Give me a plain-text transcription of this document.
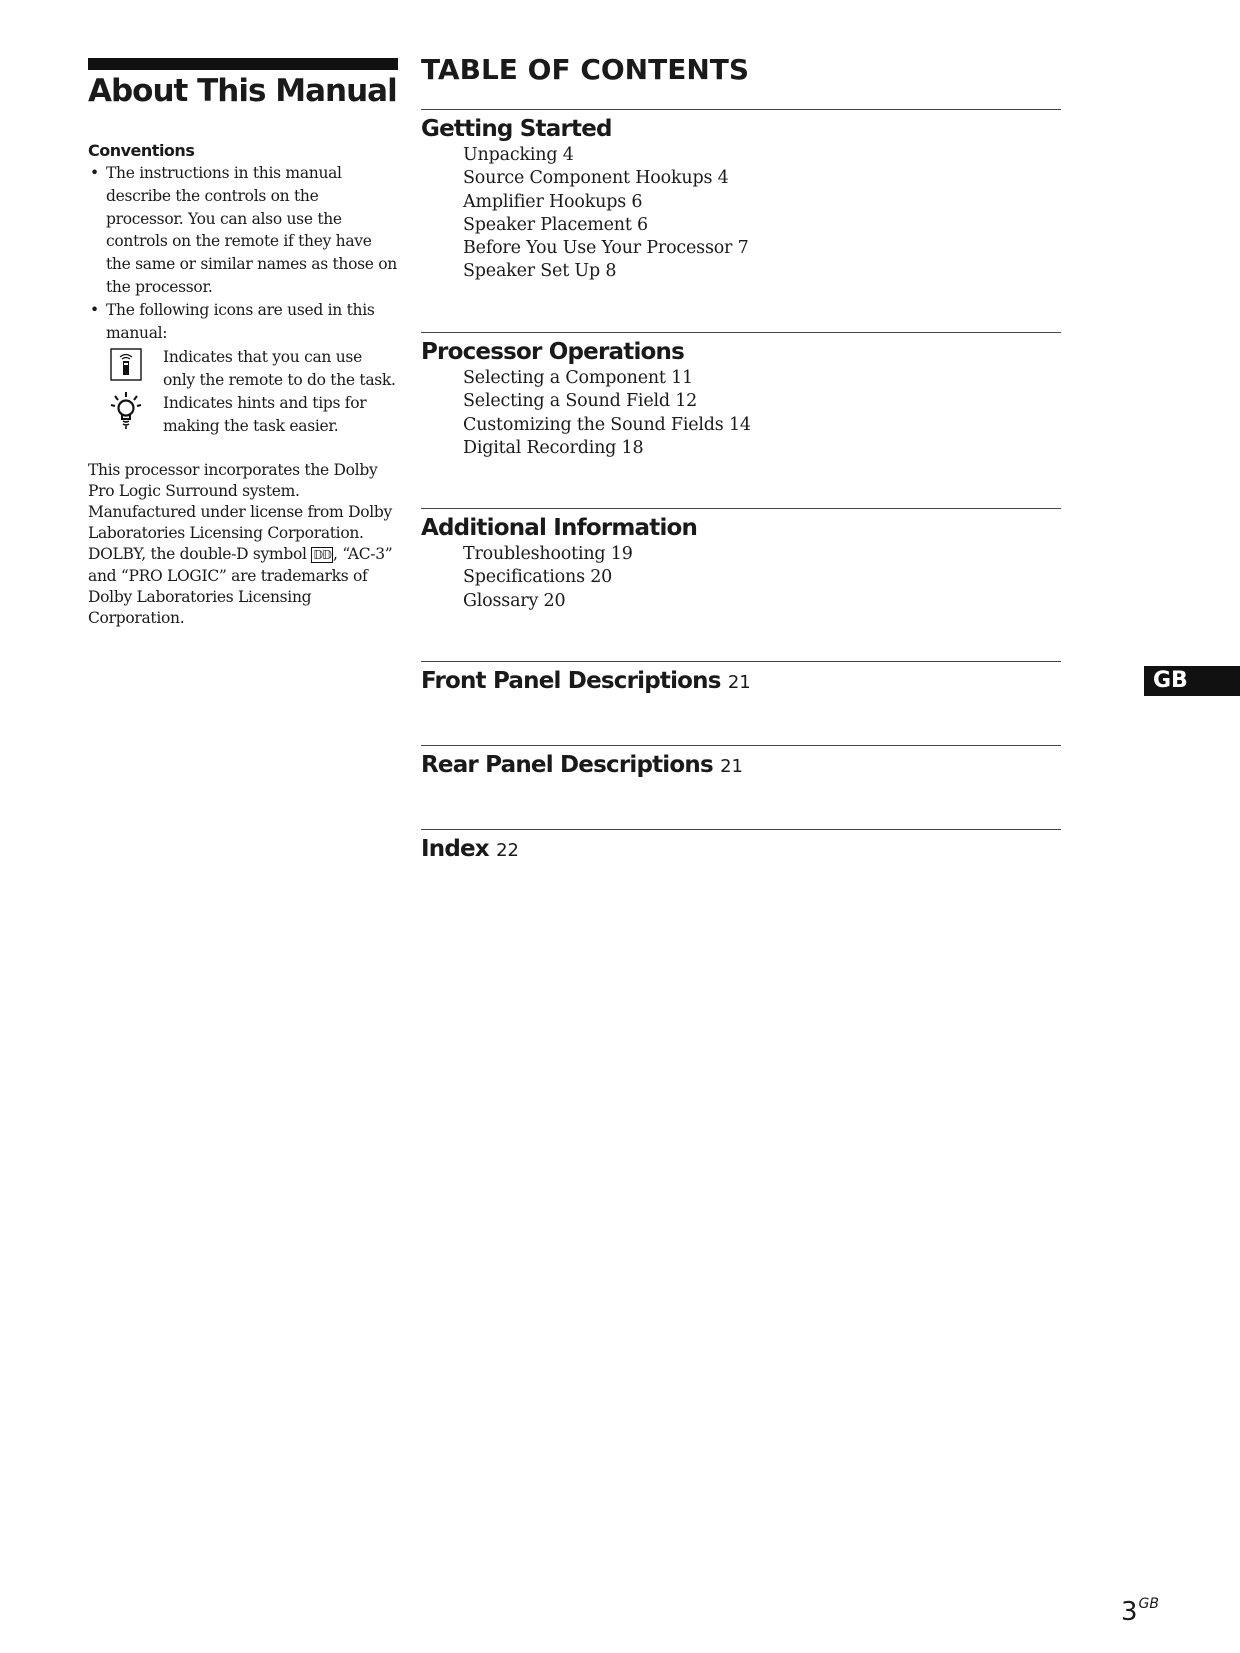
About This Manual
Conventions
• The instructions in this manual describe the controls on the processor. You can also use the controls on the remote if they have the same or similar names as those on the processor.
• The following icons are used in this manual:
Indicates that you can use only the remote to do the task.
Indicates hints and tips for making the task easier.

This processor incorporates the Dolby Pro Logic Surround system.

Manufactured under license from Dolby Laboratories Licensing Corporation.

DOLBY, the double-D symbol 𝔻𝔻 , “AC-3” and “PRO LOGIC” are trademarks of Dolby Laboratories Licensing Corporation.

TABLE OF CONTENTS
Getting Started
Unpacking 4
Source Component Hookups 4
Amplifier Hookups 6
Speaker Placement 6
Before You Use Your Processor 7
Speaker Set Up 8
Processor Operations
Selecting a Component 11
Selecting a Sound Field 12
Customizing the Sound Fields 14
Digital Recording 18
Additional Information
Troubleshooting 19
Specifications 20
Glossary 20
Front Panel Descriptions 21
Rear Panel Descriptions 21
Index 22
GB
$3^{GB}$
